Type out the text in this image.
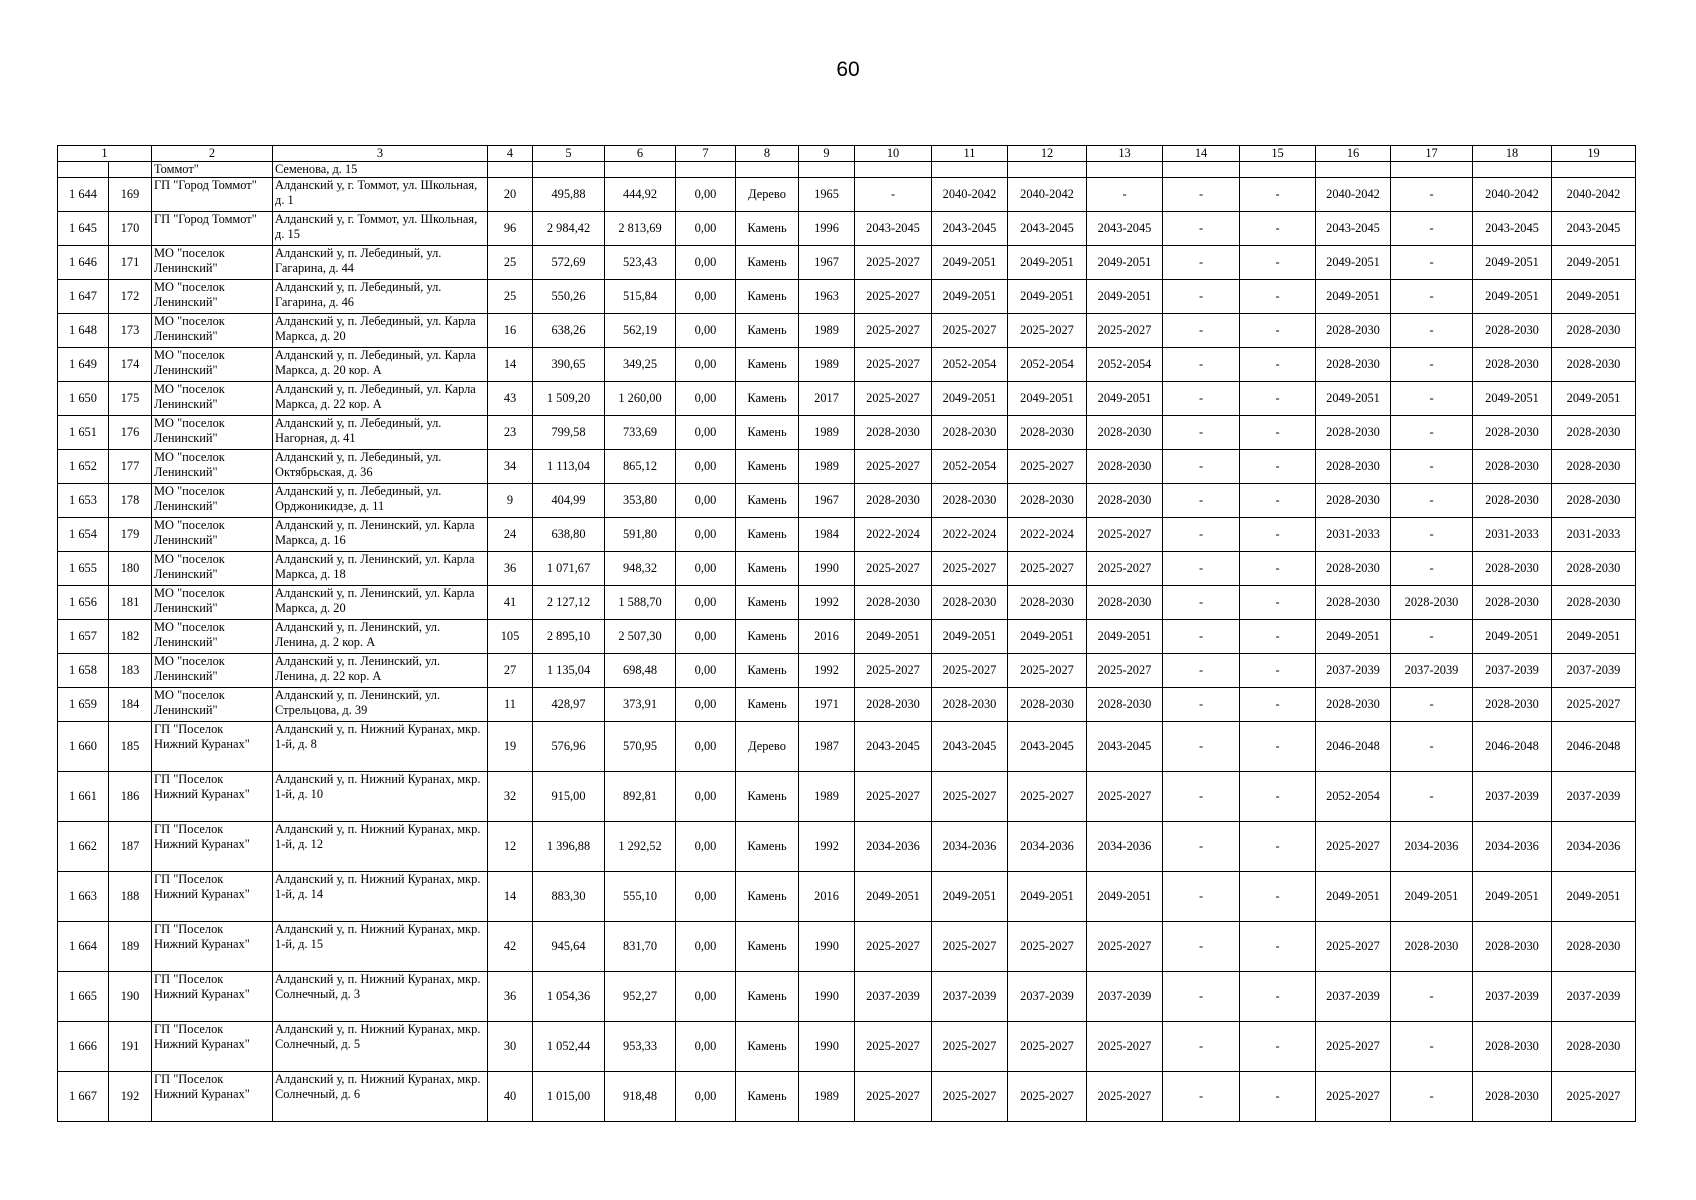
60
1		2	3	4	5	6	7	8	9	10	11	12	13	14	15	16	17	18	19
		Томмот"	Семенова, д. 15																
1 644	169	ГП "Город Томмот"	Алданский у, г. Томмот, ул. Школьная, д. 1	20	495,88	444,92	0,00	Дерево	1965	-	2040-2042	2040-2042	-	-	-	2040-2042	-	2040-2042	2040-2042
1 645	170	ГП "Город Томмот"	Алданский у, г. Томмот, ул. Школьная, д. 15	96	2 984,42	2 813,69	0,00	Камень	1996	2043-2045	2043-2045	2043-2045	2043-2045	-	-	2043-2045	-	2043-2045	2043-2045
1 646	171	МО "поселок Ленинский"	Алданский у, п. Лебединый, ул. Гагарина, д. 44	25	572,69	523,43	0,00	Камень	1967	2025-2027	2049-2051	2049-2051	2049-2051	-	-	2049-2051	-	2049-2051	2049-2051
1 647	172	МО "поселок Ленинский"	Алданский у, п. Лебединый, ул. Гагарина, д. 46	25	550,26	515,84	0,00	Камень	1963	2025-2027	2049-2051	2049-2051	2049-2051	-	-	2049-2051	-	2049-2051	2049-2051
1 648	173	МО "поселок Ленинский"	Алданский у, п. Лебединый, ул. Карла Маркса, д. 20	16	638,26	562,19	0,00	Камень	1989	2025-2027	2025-2027	2025-2027	2025-2027	-	-	2028-2030	-	2028-2030	2028-2030
1 649	174	МО "поселок Ленинский"	Алданский у, п. Лебединый, ул. Карла Маркса, д. 20 кор. А	14	390,65	349,25	0,00	Камень	1989	2025-2027	2052-2054	2052-2054	2052-2054	-	-	2028-2030	-	2028-2030	2028-2030
1 650	175	МО "поселок Ленинский"	Алданский у, п. Лебединый, ул. Карла Маркса, д. 22 кор. А	43	1 509,20	1 260,00	0,00	Камень	2017	2025-2027	2049-2051	2049-2051	2049-2051	-	-	2049-2051	-	2049-2051	2049-2051
1 651	176	МО "поселок Ленинский"	Алданский у, п. Лебединый, ул. Нагорная, д. 41	23	799,58	733,69	0,00	Камень	1989	2028-2030	2028-2030	2028-2030	2028-2030	-	-	2028-2030	-	2028-2030	2028-2030
1 652	177	МО "поселок Ленинский"	Алданский у, п. Лебединый, ул. Октябрьская, д. 36	34	1 113,04	865,12	0,00	Камень	1989	2025-2027	2052-2054	2025-2027	2028-2030	-	-	2028-2030	-	2028-2030	2028-2030
1 653	178	МО "поселок Ленинский"	Алданский у, п. Лебединый, ул. Орджоникидзе, д. 11	9	404,99	353,80	0,00	Камень	1967	2028-2030	2028-2030	2028-2030	2028-2030	-	-	2028-2030	-	2028-2030	2028-2030
1 654	179	МО "поселок Ленинский"	Алданский у, п. Ленинский, ул. Карла Маркса, д. 16	24	638,80	591,80	0,00	Камень	1984	2022-2024	2022-2024	2022-2024	2025-2027	-	-	2031-2033	-	2031-2033	2031-2033
1 655	180	МО "поселок Ленинский"	Алданский у, п. Ленинский, ул. Карла Маркса, д. 18	36	1 071,67	948,32	0,00	Камень	1990	2025-2027	2025-2027	2025-2027	2025-2027	-	-	2028-2030	-	2028-2030	2028-2030
1 656	181	МО "поселок Ленинский"	Алданский у, п. Ленинский, ул. Карла Маркса, д. 20	41	2 127,12	1 588,70	0,00	Камень	1992	2028-2030	2028-2030	2028-2030	2028-2030	-	-	2028-2030	2028-2030	2028-2030	2028-2030
1 657	182	МО "поселок Ленинский"	Алданский у, п. Ленинский, ул. Ленина, д. 2 кор. А	105	2 895,10	2 507,30	0,00	Камень	2016	2049-2051	2049-2051	2049-2051	2049-2051	-	-	2049-2051	-	2049-2051	2049-2051
1 658	183	МО "поселок Ленинский"	Алданский у, п. Ленинский, ул. Ленина, д. 22 кор. А	27	1 135,04	698,48	0,00	Камень	1992	2025-2027	2025-2027	2025-2027	2025-2027	-	-	2037-2039	2037-2039	2037-2039	2037-2039
1 659	184	МО "поселок Ленинский"	Алданский у, п. Ленинский, ул. Стрельцова, д. 39	11	428,97	373,91	0,00	Камень	1971	2028-2030	2028-2030	2028-2030	2028-2030	-	-	2028-2030	-	2028-2030	2025-2027
1 660	185	ГП "Поселок Нижний Куранах"	Алданский у, п. Нижний Куранах, мкр. 1-й, д. 8	19	576,96	570,95	0,00	Дерево	1987	2043-2045	2043-2045	2043-2045	2043-2045	-	-	2046-2048	-	2046-2048	2046-2048
1 661	186	ГП "Поселок Нижний Куранах"	Алданский у, п. Нижний Куранах, мкр. 1-й, д. 10	32	915,00	892,81	0,00	Камень	1989	2025-2027	2025-2027	2025-2027	2025-2027	-	-	2052-2054	-	2037-2039	2037-2039
1 662	187	ГП "Поселок Нижний Куранах"	Алданский у, п. Нижний Куранах, мкр. 1-й, д. 12	12	1 396,88	1 292,52	0,00	Камень	1992	2034-2036	2034-2036	2034-2036	2034-2036	-	-	2025-2027	2034-2036	2034-2036	2034-2036
1 663	188	ГП "Поселок Нижний Куранах"	Алданский у, п. Нижний Куранах, мкр. 1-й, д. 14	14	883,30	555,10	0,00	Камень	2016	2049-2051	2049-2051	2049-2051	2049-2051	-	-	2049-2051	2049-2051	2049-2051	2049-2051
1 664	189	ГП "Поселок Нижний Куранах"	Алданский у, п. Нижний Куранах, мкр. 1-й, д. 15	42	945,64	831,70	0,00	Камень	1990	2025-2027	2025-2027	2025-2027	2025-2027	-	-	2025-2027	2028-2030	2028-2030	2028-2030
1 665	190	ГП "Поселок Нижний Куранах"	Алданский у, п. Нижний Куранах, мкр. Солнечный, д. 3	36	1 054,36	952,27	0,00	Камень	1990	2037-2039	2037-2039	2037-2039	2037-2039	-	-	2037-2039	-	2037-2039	2037-2039
1 666	191	ГП "Поселок Нижний Куранах"	Алданский у, п. Нижний Куранах, мкр. Солнечный, д. 5	30	1 052,44	953,33	0,00	Камень	1990	2025-2027	2025-2027	2025-2027	2025-2027	-	-	2025-2027	-	2028-2030	2028-2030
1 667	192	ГП "Поселок Нижний Куранах"	Алданский у, п. Нижний Куранах, мкр. Солнечный, д. 6	40	1 015,00	918,48	0,00	Камень	1989	2025-2027	2025-2027	2025-2027	2025-2027	-	-	2025-2027	-	2028-2030	2025-2027
